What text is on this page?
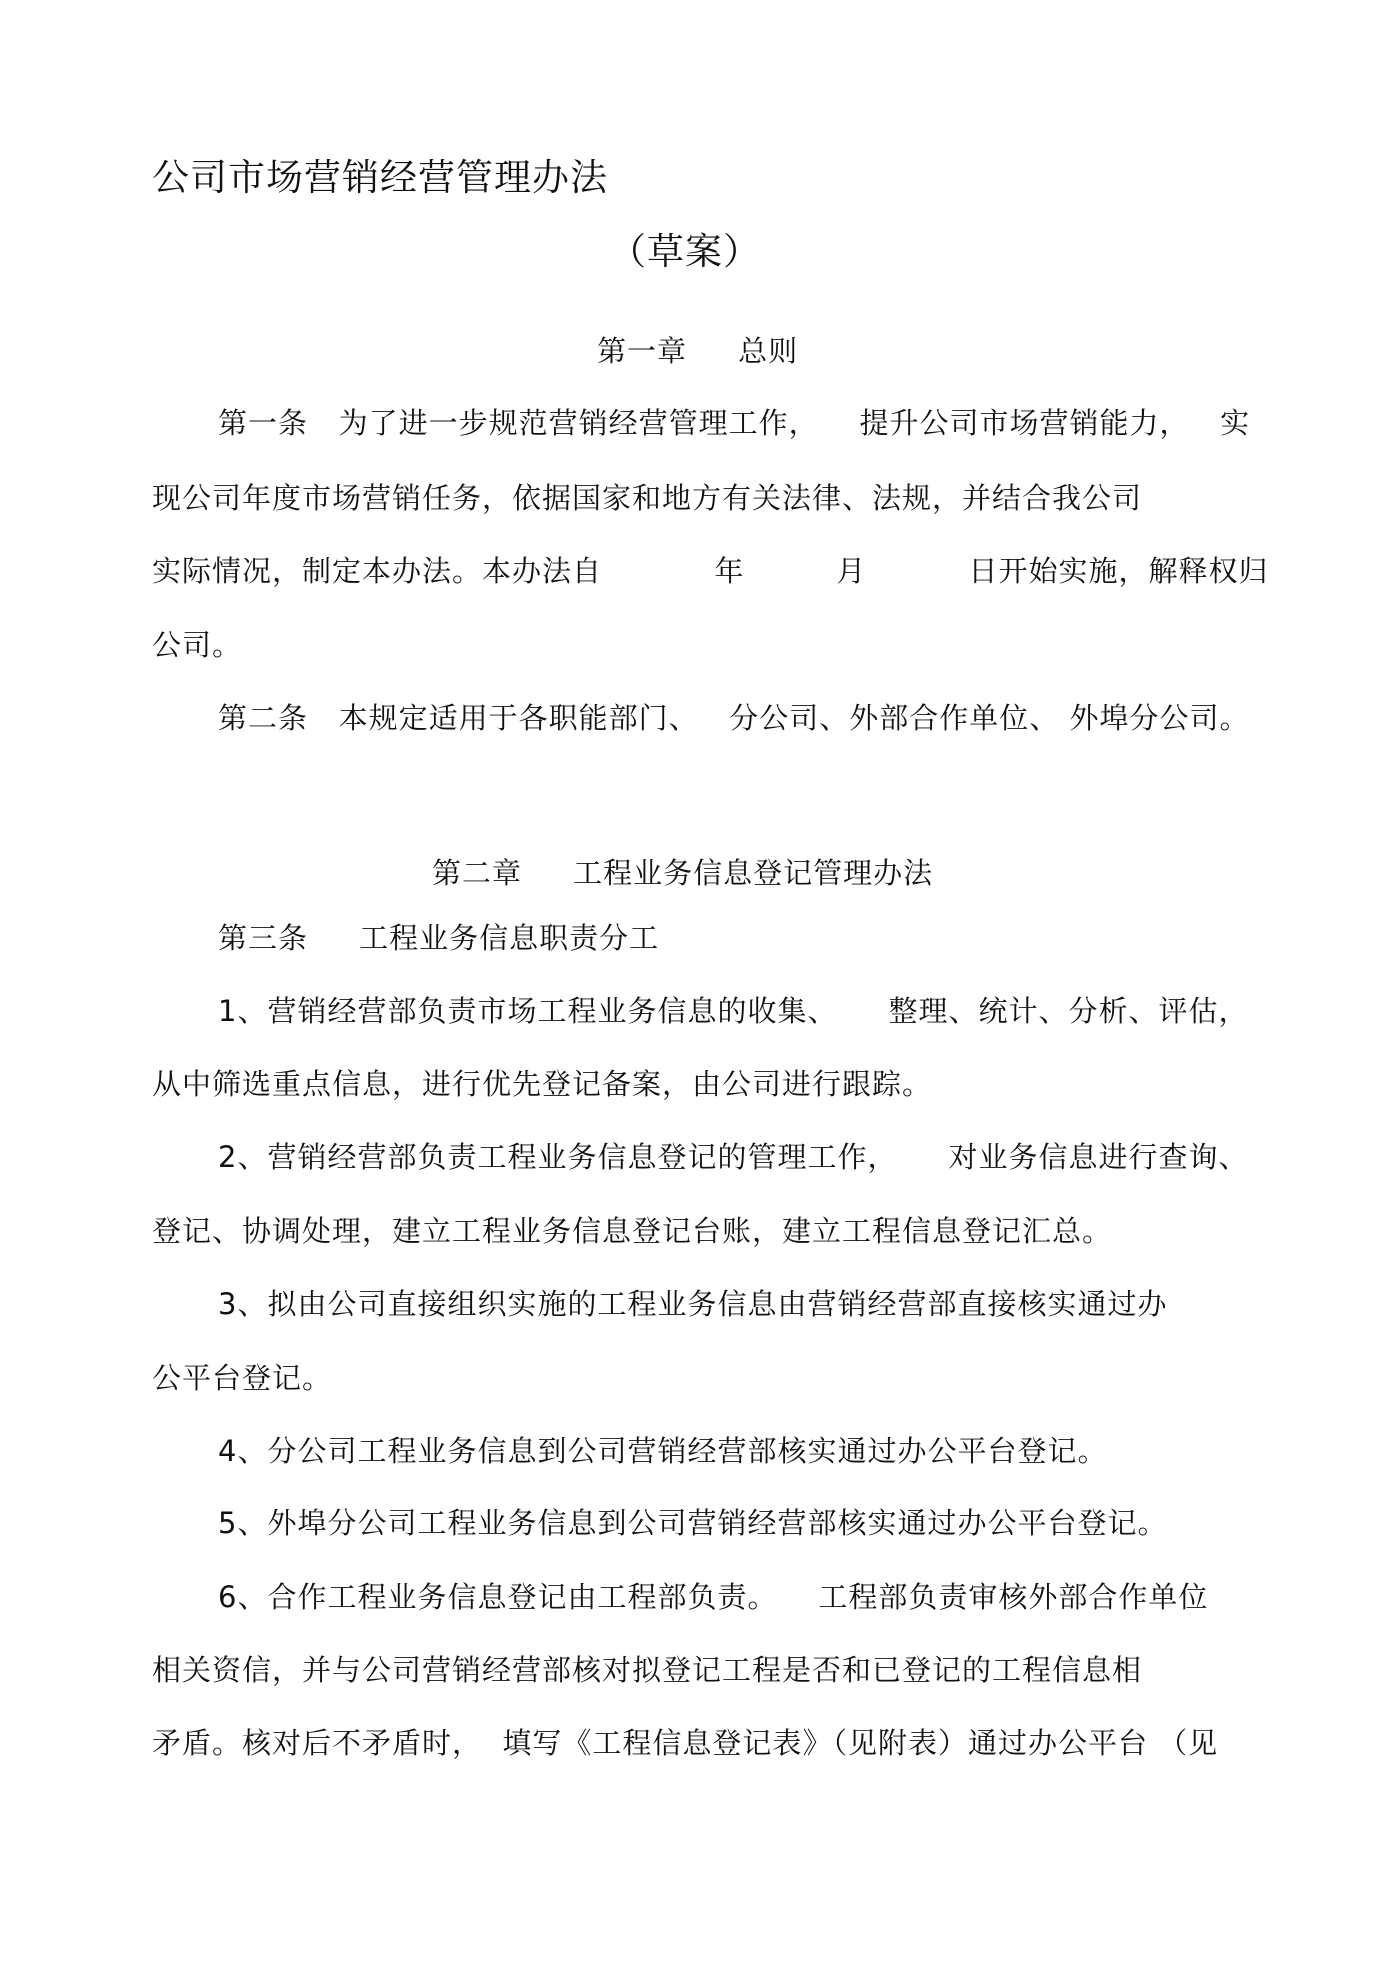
公司市场营销经营管理办法
（草案）
第一章     总则
第一条   为了进一步规范营销经营管理工作，    提升公司市场营销能力，   实
现公司年度市场营销任务，依据国家和地方有关法律、法规，并结合我公司
实际情况，制定本办法。本办法自           年         月          日开始实施，解释权归
公司。
第二条   本规定适用于各职能部门、   分公司、外部合作单位、 外埠分公司。
第二章     工程业务信息登记管理办法
第三条     工程业务信息职责分工
1、营销经营部负责市场工程业务信息的收集、     整理、统计、分析、评估，
从中筛选重点信息，进行优先登记备案，由公司进行跟踪。
2、营销经营部负责工程业务信息登记的管理工作，     对业务信息进行查询、
登记、协调处理，建立工程业务信息登记台账，建立工程信息登记汇总。
3、拟由公司直接组织实施的工程业务信息由营销经营部直接核实通过办
公平台登记。
4、分公司工程业务信息到公司营销经营部核实通过办公平台登记。
5、外埠分公司工程业务信息到公司营销经营部核实通过办公平台登记。
6、合作工程业务信息登记由工程部负责。    工程部负责审核外部合作单位
相关资信，并与公司营销经营部核对拟登记工程是否和已登记的工程信息相
矛盾。核对后不矛盾时，  填写《工程信息登记表》（见附表）通过办公平台 （见
